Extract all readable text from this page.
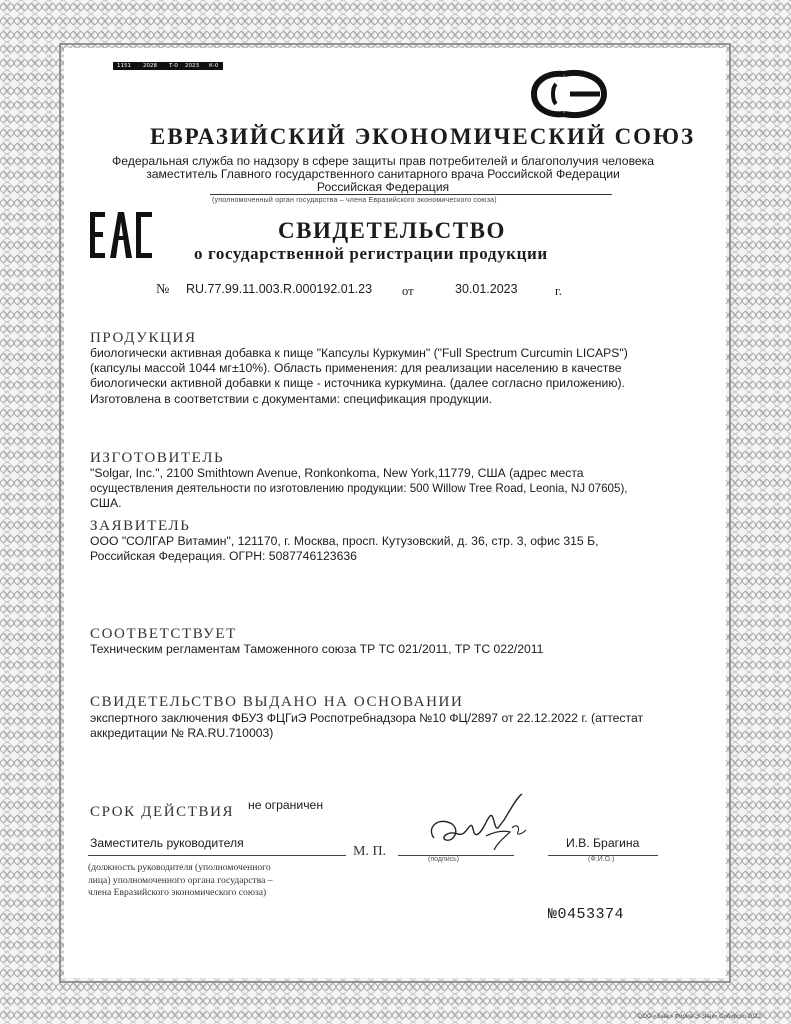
1151 2028 Т-0 2023 К-0
ЕВРАЗИЙСКИЙ ЭКОНОМИЧЕСКИЙ СОЮЗ
Федеральная служба по надзору в сфере защиты прав потребителей и благополучия человека
заместитель Главного государственного санитарного врача Российской Федерации
Российская Федерация
(уполномоченный орган государства – члена Евразийского экономического союза)
СВИДЕТЕЛЬСТВО
о государственной регистрации продукции
№ RU.77.99.11.003.R.000192.01.23 от	30.01.2023	г.
ПРОДУКЦИЯ
биологически активная добавка к пище "Капсулы Куркумин" ("Full Spectrum Curcumin LICAPS")
(капсулы массой 1044 мг±10%). Область применения: для реализации населению в качестве
биологически активной добавки к пище - источника куркумина. (далее согласно приложению).
Изготовлена в соответствии с документами: спецификация продукции.
ИЗГОТОВИТЕЛЬ
"Solgar, Inc.", 2100 Smithtown Avenue, Ronkonkoma, New York,11779, США (адрес места
осуществления деятельности по изготовлению продукции: 500 Willow Tree Road, Leonia, NJ 07605),
США.
ЗАЯВИТЕЛЬ
ООО "СОЛГАР Витамин", 121170, г. Москва, просп. Кутузовский, д. 36, стр. 3, офис 315 Б,
Российская Федерация. ОГРН: 5087746123636
СООТВЕТСТВУЕТ
Техническим регламентам Таможенного союза ТР ТС 021/2011, ТР ТС 022/2011
СВИДЕТЕЛЬСТВО ВЫДАНО НА ОСНОВАНИИ
экспертного заключения ФБУЗ ФЦГиЭ Роспотребнадзора №10 ФЦ/2897 от 22.12.2022 г. (аттестат
аккредитации № RA.RU.710003)
СРОК ДЕЙСТВИЯ не ограничен
Заместитель руководителя
М. П.
И.В. Брагина
(подпись)	(Ф.И.О.)
(должность руководителя (уполномоченного
лица) уполномоченного органа государства –
члена Евразийского экономического союза)
№0453374
ООО «Знак» Фирма Э-Знак» Сибирско 2022
